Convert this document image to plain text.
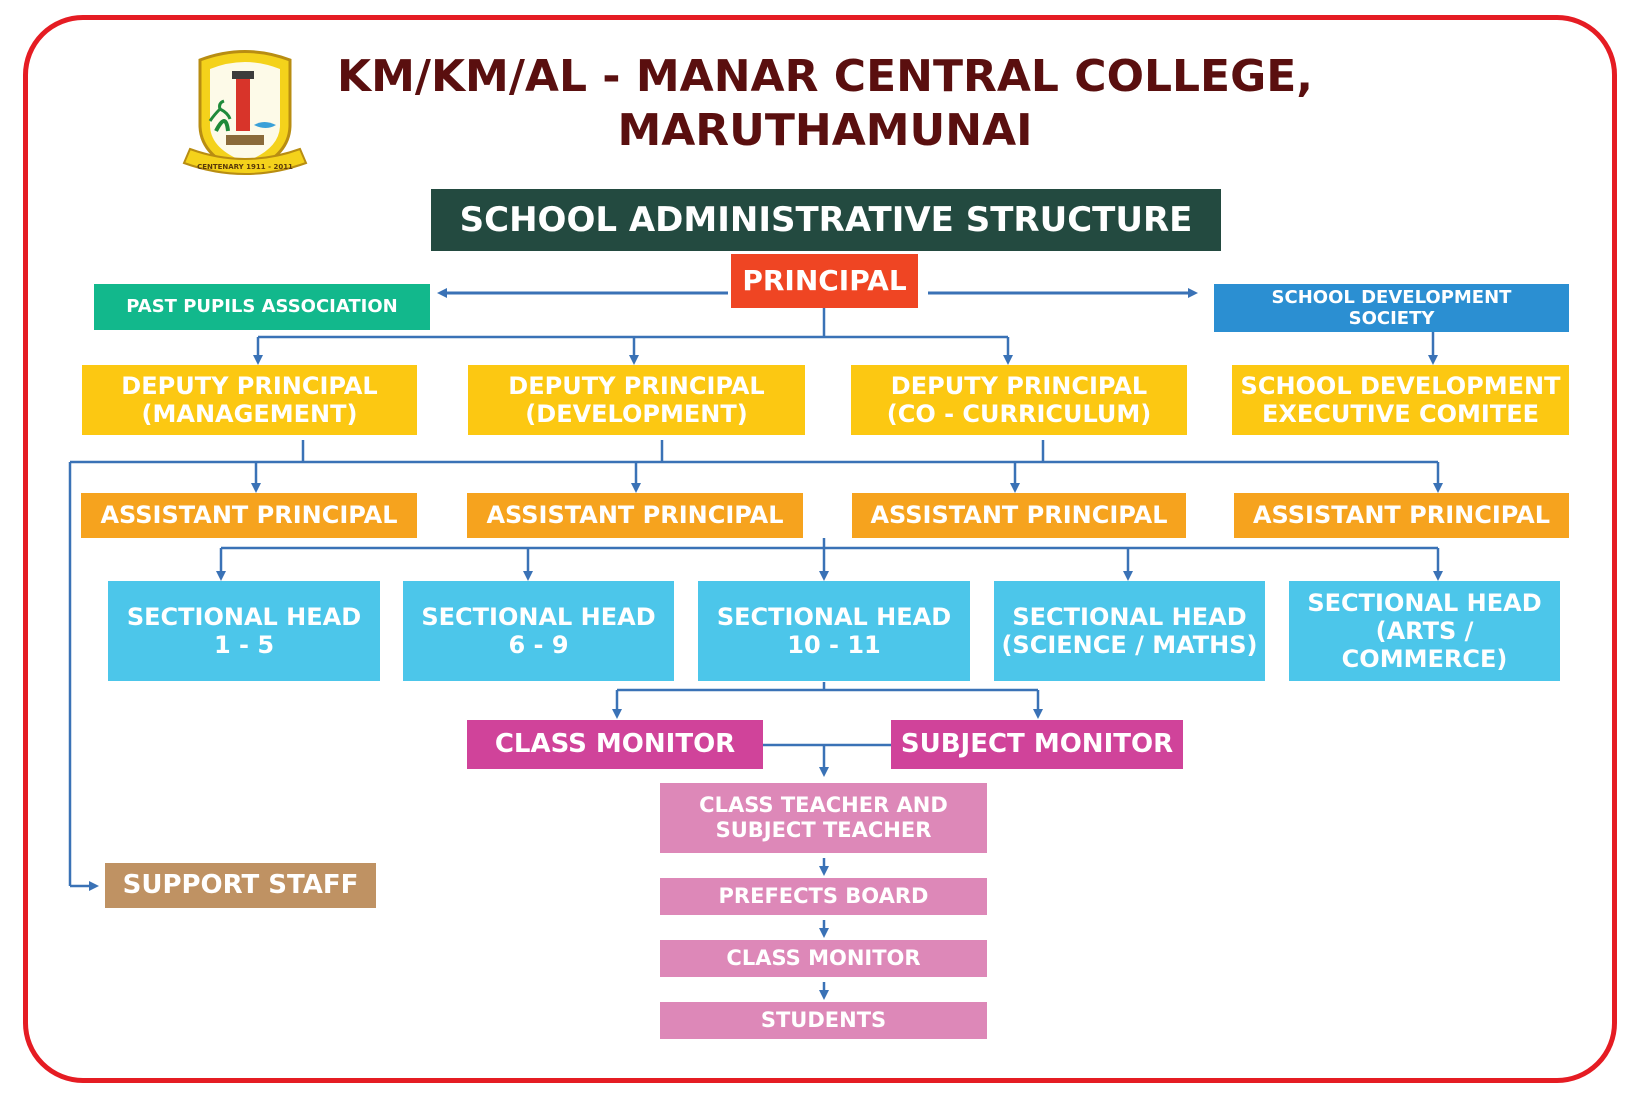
CENTENARY 1911 - 2011
KM/KM/AL - MANAR CENTRAL COLLEGE,
MARUTHAMUNAI
SCHOOL ADMINISTRATIVE STRUCTURE
PRINCIPAL
PAST PUPILS ASSOCIATION	SCHOOL DEVELOPMENT SOCIETY
DEPUTY PRINCIPAL
(MANAGEMENT)
DEPUTY PRINCIPAL
(DEVELOPMENT)
DEPUTY PRINCIPAL
(CO - CURRICULUM)
SCHOOL DEVELOPMENT
EXECUTIVE COMITEE
ASSISTANT PRINCIPAL	ASSISTANT PRINCIPAL	ASSISTANT PRINCIPAL	ASSISTANT PRINCIPAL
SECTIONAL HEAD
1 - 5
SECTIONAL HEAD
6 - 9
SECTIONAL HEAD
10 - 11
SECTIONAL HEAD
(SCIENCE / MATHS)
SECTIONAL HEAD
(ARTS / COMMERCE)
CLASS MONITOR	SUBJECT MONITOR
CLASS TEACHER AND
SUBJECT TEACHER
PREFECTS BOARD
CLASS MONITOR
STUDENTS
SUPPORT STAFF
